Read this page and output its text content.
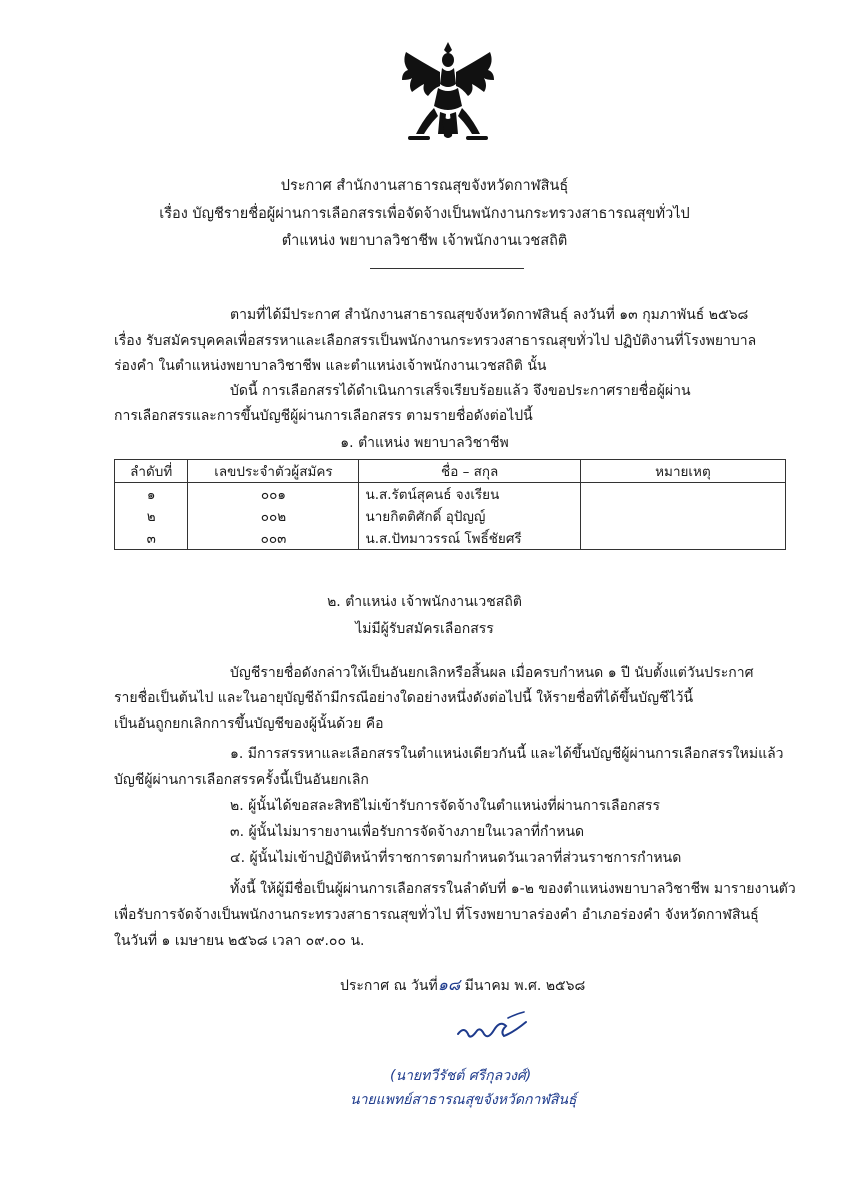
ประกาศ สำนักงานสาธารณสุขจังหวัดกาฬสินธุ์
เรื่อง บัญชีรายชื่อผู้ผ่านการเลือกสรรเพื่อจัดจ้างเป็นพนักงานกระทรวงสาธารณสุขทั่วไป
ตำแหน่ง พยาบาลวิชาชีพ เจ้าพนักงานเวชสถิติ
ตามที่ได้มีประกาศ สำนักงานสาธารณสุขจังหวัดกาฬสินธุ์ ลงวันที่ ๑๓ กุมภาพันธ์ ๒๕๖๘
เรื่อง รับสมัครบุคคลเพื่อสรรหาและเลือกสรรเป็นพนักงานกระทรวงสาธารณสุขทั่วไป ปฏิบัติงานที่โรงพยาบาล
ร่องคำ ในตำแหน่งพยาบาลวิชาชีพ และตำแหน่งเจ้าพนักงานเวชสถิติ นั้น
บัดนี้ การเลือกสรรได้ดำเนินการเสร็จเรียบร้อยแล้ว จึงขอประกาศรายชื่อผู้ผ่าน
การเลือกสรรและการขึ้นบัญชีผู้ผ่านการเลือกสรร ตามรายชื่อดังต่อไปนี้
๑. ตำแหน่ง พยาบาลวิชาชีพ
ลำดับที่	เลขประจำตัวผู้สมัคร	ชื่อ – สกุล	หมายเหตุ
๑	๐๐๑	น.ส.รัตน์สุคนธ์ จงเรียน	
๒	๐๐๒	นายกิตติศักดิ์ อุปัญญ์	
๓	๐๐๓	น.ส.ปัทมาวรรณ์ โพธิ์ชัยศรี	
๒. ตำแหน่ง เจ้าพนักงานเวชสถิติ
ไม่มีผู้รับสมัครเลือกสรร
บัญชีรายชื่อดังกล่าวให้เป็นอันยกเลิกหรือสิ้นผล เมื่อครบกำหนด ๑ ปี นับตั้งแต่วันประกาศ
รายชื่อเป็นต้นไป และในอายุบัญชีถ้ามีกรณีอย่างใดอย่างหนึ่งดังต่อไปนี้ ให้รายชื่อที่ได้ขึ้นบัญชีไว้นี้
เป็นอันถูกยกเลิกการขึ้นบัญชีของผู้นั้นด้วย คือ
๑. มีการสรรหาและเลือกสรรในตำแหน่งเดียวกันนี้ และได้ขึ้นบัญชีผู้ผ่านการเลือกสรรใหม่แล้ว
บัญชีผู้ผ่านการเลือกสรรครั้งนี้เป็นอันยกเลิก
๒. ผู้นั้นได้ขอสละสิทธิไม่เข้ารับการจัดจ้างในตำแหน่งที่ผ่านการเลือกสรร
๓. ผู้นั้นไม่มารายงานเพื่อรับการจัดจ้างภายในเวลาที่กำหนด
๔. ผู้นั้นไม่เข้าปฏิบัติหน้าที่ราชการตามกำหนดวันเวลาที่ส่วนราชการกำหนด
ทั้งนี้ ให้ผู้มีชื่อเป็นผู้ผ่านการเลือกสรรในลำดับที่ ๑-๒ ของตำแหน่งพยาบาลวิชาชีพ มารายงานตัว
เพื่อรับการจัดจ้างเป็นพนักงานกระทรวงสาธารณสุขทั่วไป ที่โรงพยาบาลร่องคำ อำเภอร่องคำ จังหวัดกาฬสินธุ์
ในวันที่ ๑ เมษายน ๒๕๖๘ เวลา ๐๙.๐๐ น.
ประกาศ ณ วันที่๑๘ มีนาคม พ.ศ. ๒๕๖๘
(นายทวีรัชต์ ศรีกุลวงศ์)
นายแพทย์สาธารณสุขจังหวัดกาฬสินธุ์
